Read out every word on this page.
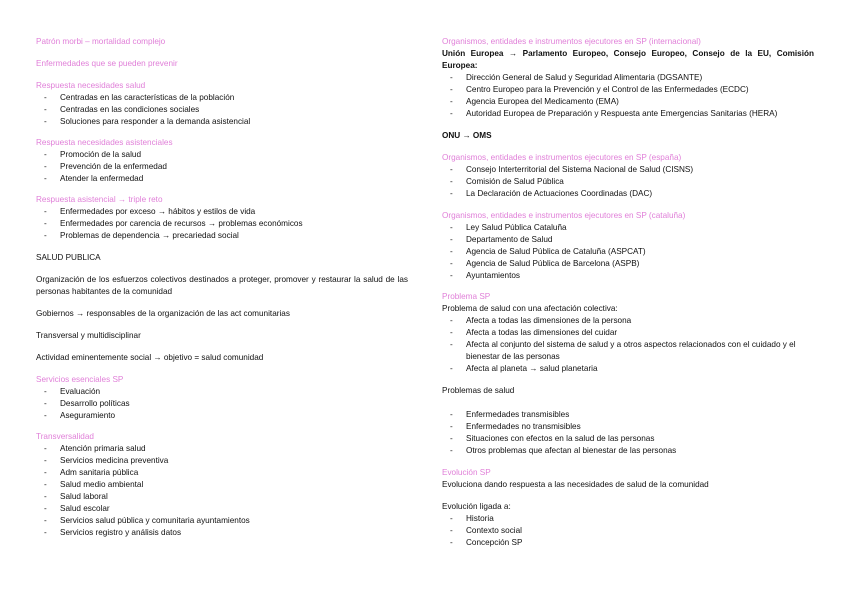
Patrón morbi – mortalidad complejo

Enfermedades que se pueden prevenir

Respuesta necesidades salud

- Centradas en las características de la población
- Centradas en las condiciones sociales
- Soluciones para responder a la demanda asistencial

Respuesta necesidades asistenciales

- Promoción de la salud
- Prevención de la enfermedad
- Atender la enfermedad

Respuesta asistencial → triple reto

- Enfermedades por exceso → hábitos y estilos de vida
- Enfermedades por carencia de recursos → problemas económicos
- Problemas de dependencia → precariedad social

SALUD PUBLICA

Organización de los esfuerzos colectivos destinados a proteger, promover y restaurar la salud de las personas habitantes de la comunidad

Gobiernos → responsables de la organización de las act comunitarias

Transversal y multidisciplinar

Actividad eminentemente social → objetivo = salud comunidad

Servicios esenciales SP

- Evaluación
- Desarrollo políticas
- Aseguramiento

Transversalidad

- Atención primaria salud
- Servicios medicina preventiva
- Adm sanitaria pública
- Salud medio ambiental
- Salud laboral
- Salud escolar
- Servicios salud pública y comunitaria ayuntamientos
- Servicios registro y análisis datos

Organismos, entidades e instrumentos ejecutores en SP (internacional)

Unión Europea → Parlamento Europeo, Consejo Europeo, Consejo de la EU, Comisión Europea:

- Dirección General de Salud y Seguridad Alimentaria (DGSANTE)
- Centro Europeo para la Prevención y el Control de las Enfermedades (ECDC)
- Agencia Europea del Medicamento (EMA)
- Autoridad Europea de Preparación y Respuesta ante Emergencias Sanitarias (HERA)

ONU → OMS

Organismos, entidades e instrumentos ejecutores en SP (españa)

- Consejo Interterritorial del Sistema Nacional de Salud (CISNS)
- Comisión de Salud Pública
- La Declaración de Actuaciones Coordinadas (DAC)

Organismos, entidades e instrumentos ejecutores en SP (cataluña)

- Ley Salud Pública Cataluña
- Departamento de Salud
- Agencia de Salud Pública de Cataluña (ASPCAT)
- Agencia de Salud Pública de Barcelona (ASPB)
- Ayuntamientos

Problema SP

Problema de salud con una afectación colectiva:

- Afecta a todas las dimensiones de la persona
- Afecta a todas las dimensiones del cuidar
- Afecta al conjunto del sistema de salud y a otros aspectos relacionados con el cuidado y el bienestar de las personas
- Afecta al planeta → salud planetaria

Problemas de salud

- Enfermedades transmisibles
- Enfermedades no transmisibles
- Situaciones con efectos en la salud de las personas
- Otros problemas que afectan al bienestar de las personas

Evolución SP

Evoluciona dando respuesta a las necesidades de salud de la comunidad

Evolución ligada a:

- Historia
- Contexto social
- Concepción SP
